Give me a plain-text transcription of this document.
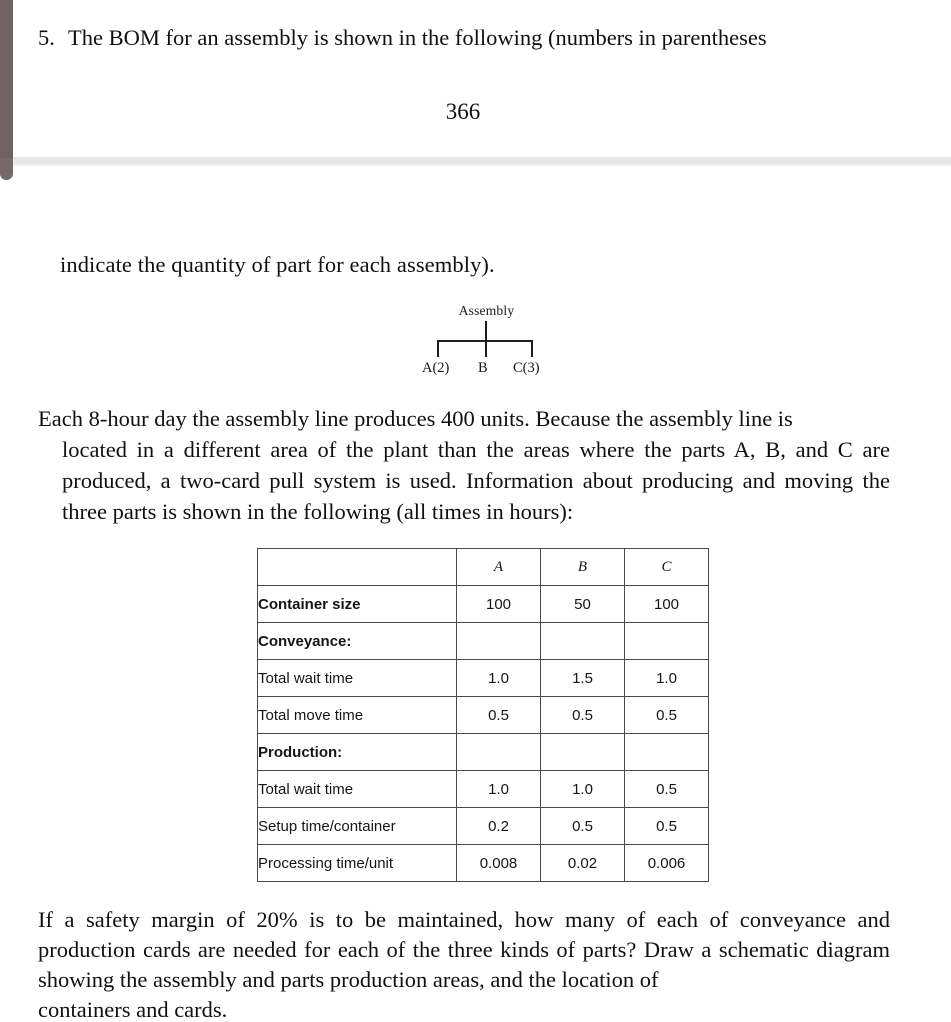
5. The BOM for an assembly is shown in the following (numbers in parentheses
366
indicate the quantity of part for each assembly).
Assembly
A(2) B C(3)
Each 8-hour day the assembly line produces 400 units. Because the assembly line is
located in a different area of the plant than the areas where the parts A, B, and C are produced, a two-card pull system is used. Information about producing and moving the three parts is shown in the following (all times in hours):
	A	B	C
Container size	100	50	100
Conveyance:			
Total wait time	1.0	1.5	1.0
Total move time	0.5	0.5	0.5
Production:			
Total wait time	1.0	1.0	0.5
Setup time/container	0.2	0.5	0.5
Processing time/unit	0.008	0.02	0.006
If a safety margin of 20% is to be maintained, how many of each of conveyance and production cards are needed for each of the three kinds of parts? Draw a schematic diagram showing the assembly and parts production areas, and the location of
containers and cards.
